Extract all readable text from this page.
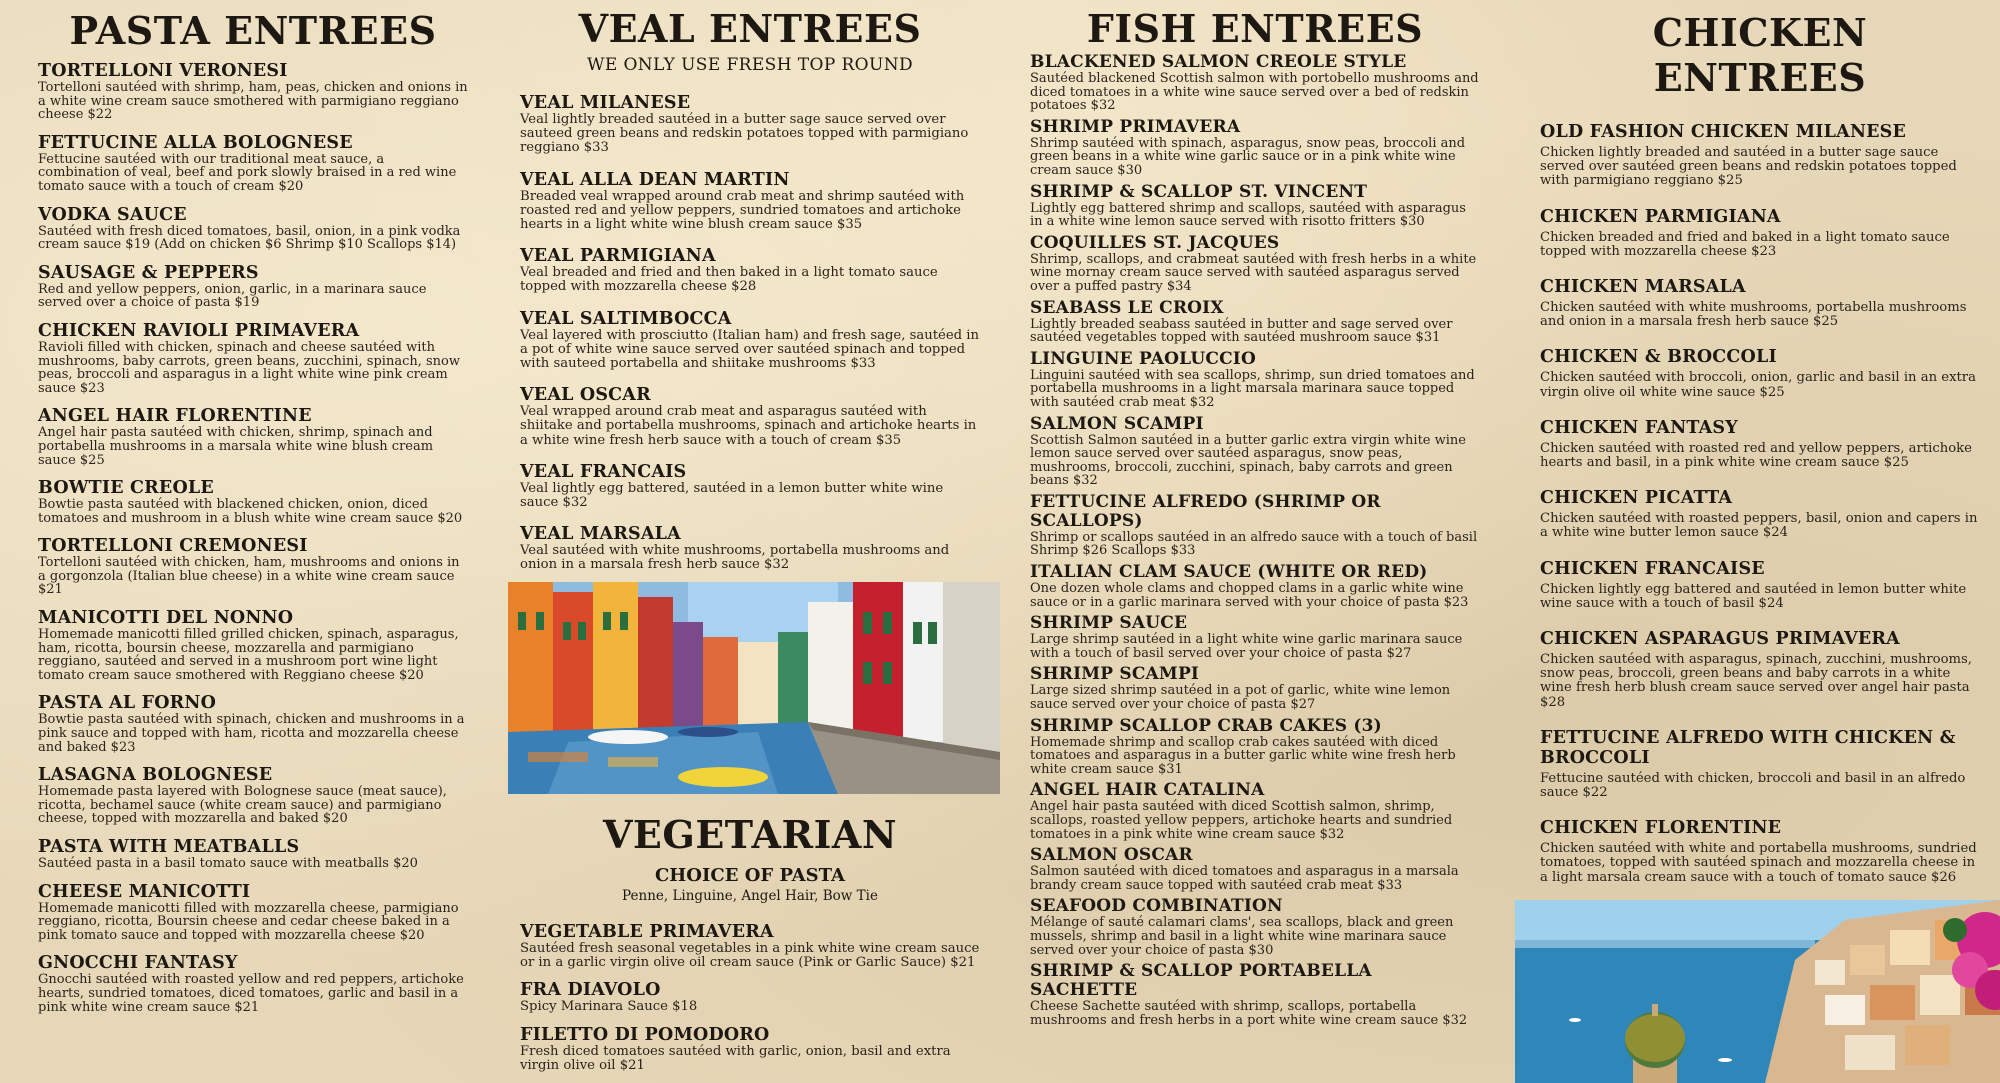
PASTA ENTREES

TORTELLONI VERONESI

Tortelloni sautéed with shrimp, ham, peas, chicken and onions in a white wine cream sauce smothered with parmigiano reggiano cheese $22

FETTUCINE ALLA BOLOGNESE

Fettucine sautéed with our traditional meat sauce, a combination of veal, beef and pork slowly braised in a red wine tomato sauce with a touch of cream $20

VODKA SAUCE

Sautéed with fresh diced tomatoes, basil, onion, in a pink vodka cream sauce $19 (Add on chicken $6 Shrimp $10 Scallops $14)

SAUSAGE & PEPPERS

Red and yellow peppers, onion, garlic, in a marinara sauce served over a choice of pasta $19

CHICKEN RAVIOLI PRIMAVERA

Ravioli filled with chicken, spinach and cheese sautéed with mushrooms, baby carrots, green beans, zucchini, spinach, snow peas, broccoli and asparagus in a light white wine pink cream sauce $23

ANGEL HAIR FLORENTINE

Angel hair pasta sautéed with chicken, shrimp, spinach and portabella mushrooms in a marsala white wine blush cream sauce $25

BOWTIE CREOLE

Bowtie pasta sautéed with blackened chicken, onion, diced tomatoes and mushroom in a blush white wine cream sauce $20

TORTELLONI CREMONESI

Tortelloni sautéed with chicken, ham, mushrooms and onions in a gorgonzola (Italian blue cheese) in a white wine cream sauce $21

MANICOTTI DEL NONNO

Homemade manicotti filled grilled chicken, spinach, asparagus, ham, ricotta, boursin cheese, mozzarella and parmigiano reggiano, sautéed and served in a mushroom port wine light tomato cream sauce smothered with Reggiano cheese $20

PASTA AL FORNO

Bowtie pasta sautéed with spinach, chicken and mushrooms in a pink sauce and topped with ham, ricotta and mozzarella cheese and baked $23

LASAGNA BOLOGNESE

Homemade pasta layered with Bolognese sauce (meat sauce), ricotta, bechamel sauce (white cream sauce) and parmigiano cheese, topped with mozzarella and baked $20

PASTA WITH MEATBALLS

Sautéed pasta in a basil tomato sauce with meatballs $20

CHEESE MANICOTTI

Homemade manicotti filled with mozzarella cheese, parmigiano reggiano, ricotta, Boursin cheese and cedar cheese baked in a pink tomato sauce and topped with mozzarella cheese $20

GNOCCHI FANTASY

Gnocchi sautéed with roasted yellow and red peppers, artichoke hearts, sundried tomatoes, diced tomatoes, garlic and basil in a pink white wine cream sauce $21

VEAL ENTREES

WE ONLY USE FRESH TOP ROUND

VEAL MILANESE

Veal lightly breaded sautéed in a butter sage sauce served over sauteed green beans and redskin potatoes topped with parmigiano reggiano $33

VEAL ALLA DEAN MARTIN

Breaded veal wrapped around crab meat and shrimp sautéed with roasted red and yellow peppers, sundried tomatoes and artichoke hearts in a light white wine blush cream sauce $35

VEAL PARMIGIANA

Veal breaded and fried and then baked in a light tomato sauce topped with mozzarella cheese $28

VEAL SALTIMBOCCA

Veal layered with prosciutto (Italian ham) and fresh sage, sautéed in a pot of white wine sauce served over sautéed spinach and topped with sauteed portabella and shiitake mushrooms $33

VEAL OSCAR

Veal wrapped around crab meat and asparagus sautéed with shiitake and portabella mushrooms, spinach and artichoke hearts in a white wine fresh herb sauce with a touch of cream $35

VEAL FRANCAIS

Veal lightly egg battered, sautéed in a lemon butter white wine sauce $32

VEAL MARSALA

Veal sautéed with white mushrooms, portabella mushrooms and onion in a marsala fresh herb sauce $32

VEGETARIAN

CHOICE OF PASTA

Penne, Linguine, Angel Hair, Bow Tie

VEGETABLE PRIMAVERA

Sautéed fresh seasonal vegetables in a pink white wine cream sauce or in a garlic virgin olive oil cream sauce (Pink or Garlic Sauce) $21

FRA DIAVOLO

Spicy Marinara Sauce $18

FILETTO DI POMODORO

Fresh diced tomatoes sautéed with garlic, onion, basil and extra virgin olive oil $21

FISH ENTREES

BLACKENED SALMON CREOLE STYLE

Sautéed blackened Scottish salmon with portobello mushrooms and diced tomatoes in a white wine sauce served over a bed of redskin potatoes $32

SHRIMP PRIMAVERA

Shrimp sautéed with spinach, asparagus, snow peas, broccoli and green beans in a white wine garlic sauce or in a pink white wine cream sauce $30

SHRIMP & SCALLOP ST. VINCENT

Lightly egg battered shrimp and scallops, sautéed with asparagus in a white wine lemon sauce served with risotto fritters $30

COQUILLES ST. JACQUES

Shrimp, scallops, and crabmeat sautéed with fresh herbs in a white wine mornay cream sauce served with sautéed asparagus served over a puffed pastry $34

SEABASS LE CROIX

Lightly breaded seabass sautéed in butter and sage served over sautéed vegetables topped with sautéed mushroom sauce $31

LINGUINE PAOLUCCIO

Linguini sautéed with sea scallops, shrimp, sun dried tomatoes and portabella mushrooms in a light marsala marinara sauce topped with sautéed crab meat $32

SALMON SCAMPI

Scottish Salmon sautéed in a butter garlic extra virgin white wine lemon sauce served over sautéed asparagus, snow peas, mushrooms, broccoli, zucchini, spinach, baby carrots and green beans $32

FETTUCINE ALFREDO (SHRIMP OR SCALLOPS)

Shrimp or scallops sautéed in an alfredo sauce with a touch of basil Shrimp $26 Scallops $33

ITALIAN CLAM SAUCE (WHITE OR RED)

One dozen whole clams and chopped clams in a garlic white wine sauce or in a garlic marinara served with your choice of pasta $23

SHRIMP SAUCE

Large shrimp sautéed in a light white wine garlic marinara sauce with a touch of basil served over your choice of pasta $27

SHRIMP SCAMPI

Large sized shrimp sautéed in a pot of garlic, white wine lemon sauce served over your choice of pasta $27

SHRIMP SCALLOP CRAB CAKES (3)

Homemade shrimp and scallop crab cakes sautéed with diced tomatoes and asparagus in a butter garlic white wine fresh herb white cream sauce $31

ANGEL HAIR CATALINA

Angel hair pasta sautéed with diced Scottish salmon, shrimp, scallops, roasted yellow peppers, artichoke hearts and sundried tomatoes in a pink white wine cream sauce $32

SALMON OSCAR

Salmon sautéed with diced tomatoes and asparagus in a marsala brandy cream sauce topped with sautéed crab meat $33

SEAFOOD COMBINATION

Mélange of sauté calamari clams', sea scallops, black and green mussels, shrimp and basil in a light white wine marinara sauce served over your choice of pasta $30

SHRIMP & SCALLOP PORTABELLA SACHETTE

Cheese Sachette sautéed with shrimp, scallops, portabella mushrooms and fresh herbs in a port white wine cream sauce $32

CHICKEN ENTREES

OLD FASHION CHICKEN MILANESE

Chicken lightly breaded and sautéed in a butter sage sauce served over sautéed green beans and redskin potatoes topped with parmigiano reggiano $25

CHICKEN PARMIGIANA

Chicken breaded and fried and baked in a light tomato sauce topped with mozzarella cheese $23

CHICKEN MARSALA

Chicken sautéed with white mushrooms, portabella mushrooms and onion in a marsala fresh herb sauce $25

CHICKEN & BROCCOLI

Chicken sautéed with broccoli, onion, garlic and basil in an extra virgin olive oil white wine sauce $25

CHICKEN FANTASY

Chicken sautéed with roasted red and yellow peppers, artichoke hearts and basil, in a pink white wine cream sauce $25

CHICKEN PICATTA

Chicken sautéed with roasted peppers, basil, onion and capers in a white wine butter lemon sauce $24

CHICKEN FRANCAISE

Chicken lightly egg battered and sautéed in lemon butter white wine sauce with a touch of basil $24

CHICKEN ASPARAGUS PRIMAVERA

Chicken sautéed with asparagus, spinach, zucchini, mushrooms, snow peas, broccoli, green beans and baby carrots in a white wine fresh herb blush cream sauce served over angel hair pasta $28

FETTUCINE ALFREDO WITH CHICKEN & BROCCOLI

Fettucine sautéed with chicken, broccoli and basil in an alfredo sauce $22

CHICKEN FLORENTINE

Chicken sautéed with white and portabella mushrooms, sundried tomatoes, topped with sautéed spinach and mozzarella cheese in a light marsala cream sauce with a touch of tomato sauce $26
